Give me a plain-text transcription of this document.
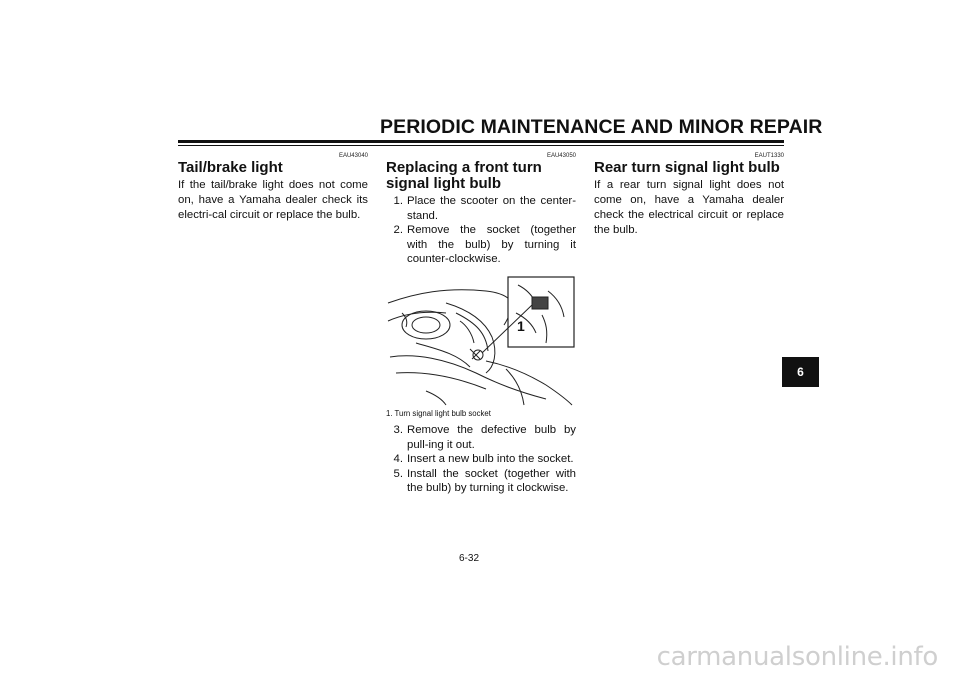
PERIODIC MAINTENANCE AND MINOR REPAIR
EAU43040
Tail/brake light
If the tail/brake light does not come on, have a Yamaha dealer check its electri-cal circuit or replace the bulb.
EAU43050
Replacing a front turn signal light bulb
1. Place the scooter on the center-stand.
2. Remove the socket (together with the bulb) by turning it counter-clockwise.
1
1. Turn signal light bulb socket
3. Remove the defective bulb by pull-ing it out.
4. Insert a new bulb into the socket.
5. Install the socket (together with the bulb) by turning it clockwise.
EAUT1330
Rear turn signal light bulb
If a rear turn signal light does not come on, have a Yamaha dealer check the electrical circuit or replace the bulb.
6
6-32
carmanualsonline.info
